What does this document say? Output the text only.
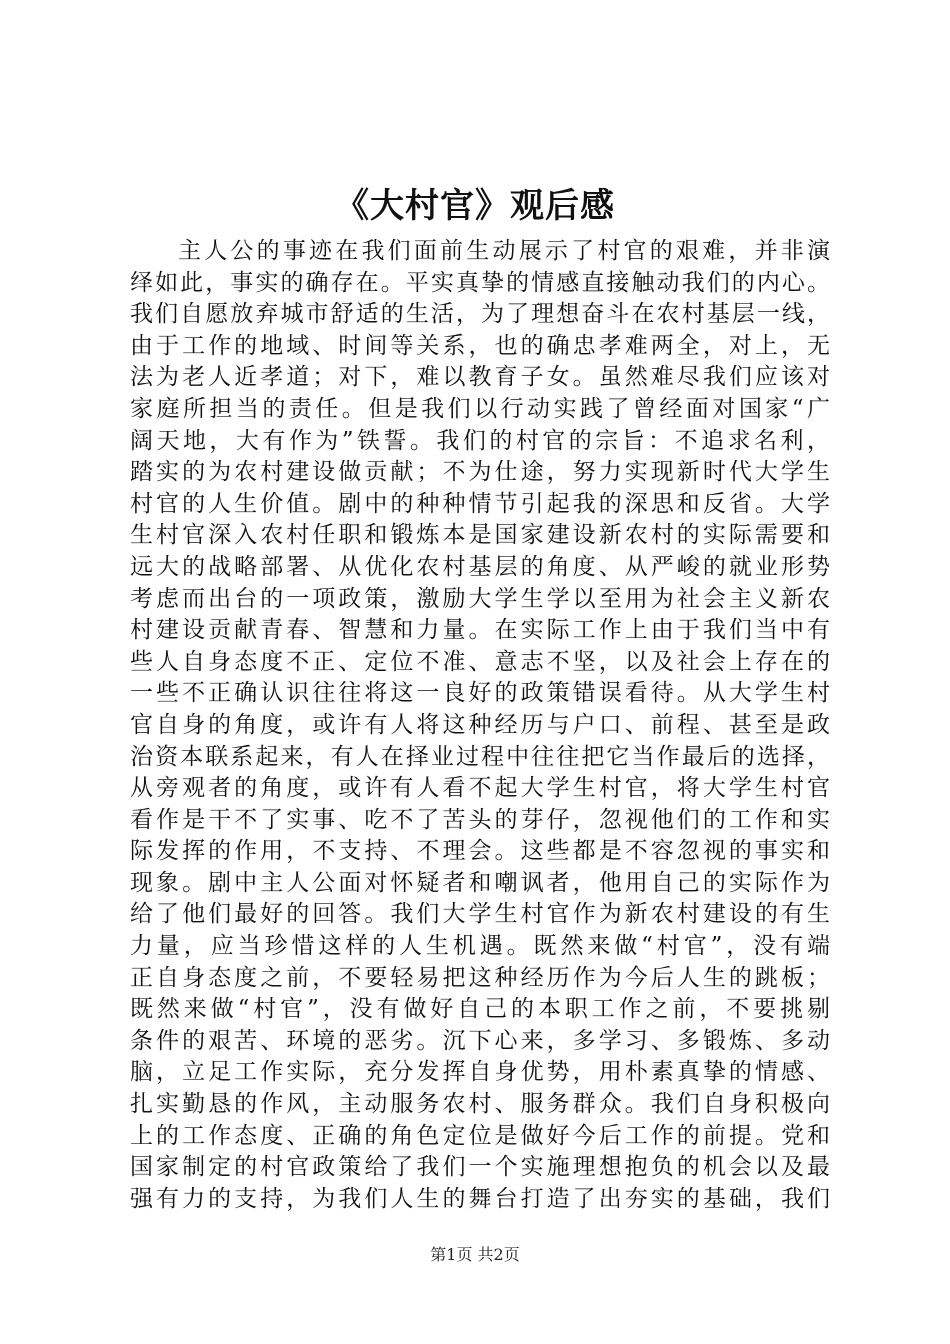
《大村官》观后感
主人公的事迹在我们面前生动展示了村官的艰难，并非演
绎如此，事实的确存在。平实真挚的情感直接触动我们的内心。
我们自愿放弃城市舒适的生活，为了理想奋斗在农村基层一线，
由于工作的地域、时间等关系，也的确忠孝难两全，对上，无
法为老人近孝道；对下，难以教育子女。虽然难尽我们应该对
家庭所担当的责任。但是我们以行动实践了曾经面对国家“广
阔天地，大有作为”铁誓。我们的村官的宗旨：不追求名利，
踏实的为农村建设做贡献；不为仕途，努力实现新时代大学生
村官的人生价值。剧中的种种情节引起我的深思和反省。大学
生村官深入农村任职和锻炼本是国家建设新农村的实际需要和
远大的战略部署、从优化农村基层的角度、从严峻的就业形势
考虑而出台的一项政策，激励大学生学以至用为社会主义新农
村建设贡献青春、智慧和力量。在实际工作上由于我们当中有
些人自身态度不正、定位不准、意志不坚，以及社会上存在的
一些不正确认识往往将这一良好的政策错误看待。从大学生村
官自身的角度，或许有人将这种经历与户口、前程、甚至是政
治资本联系起来，有人在择业过程中往往把它当作最后的选择，
从旁观者的角度，或许有人看不起大学生村官，将大学生村官
看作是干不了实事、吃不了苦头的芽仔，忽视他们的工作和实
际发挥的作用，不支持、不理会。这些都是不容忽视的事实和
现象。剧中主人公面对怀疑者和嘲讽者，他用自己的实际作为
给了他们最好的回答。我们大学生村官作为新农村建设的有生
力量，应当珍惜这样的人生机遇。既然来做“村官”，没有端
正自身态度之前，不要轻易把这种经历作为今后人生的跳板；
既然来做“村官”，没有做好自己的本职工作之前，不要挑剔
条件的艰苦、环境的恶劣。沉下心来，多学习、多锻炼、多动
脑，立足工作实际，充分发挥自身优势，用朴素真挚的情感、
扎实勤恳的作风，主动服务农村、服务群众。我们自身积极向
上的工作态度、正确的角色定位是做好今后工作的前提。党和
国家制定的村官政策给了我们一个实施理想抱负的机会以及最
强有力的支持，为我们人生的舞台打造了出夯实的基础，我们
第1页 共2页
